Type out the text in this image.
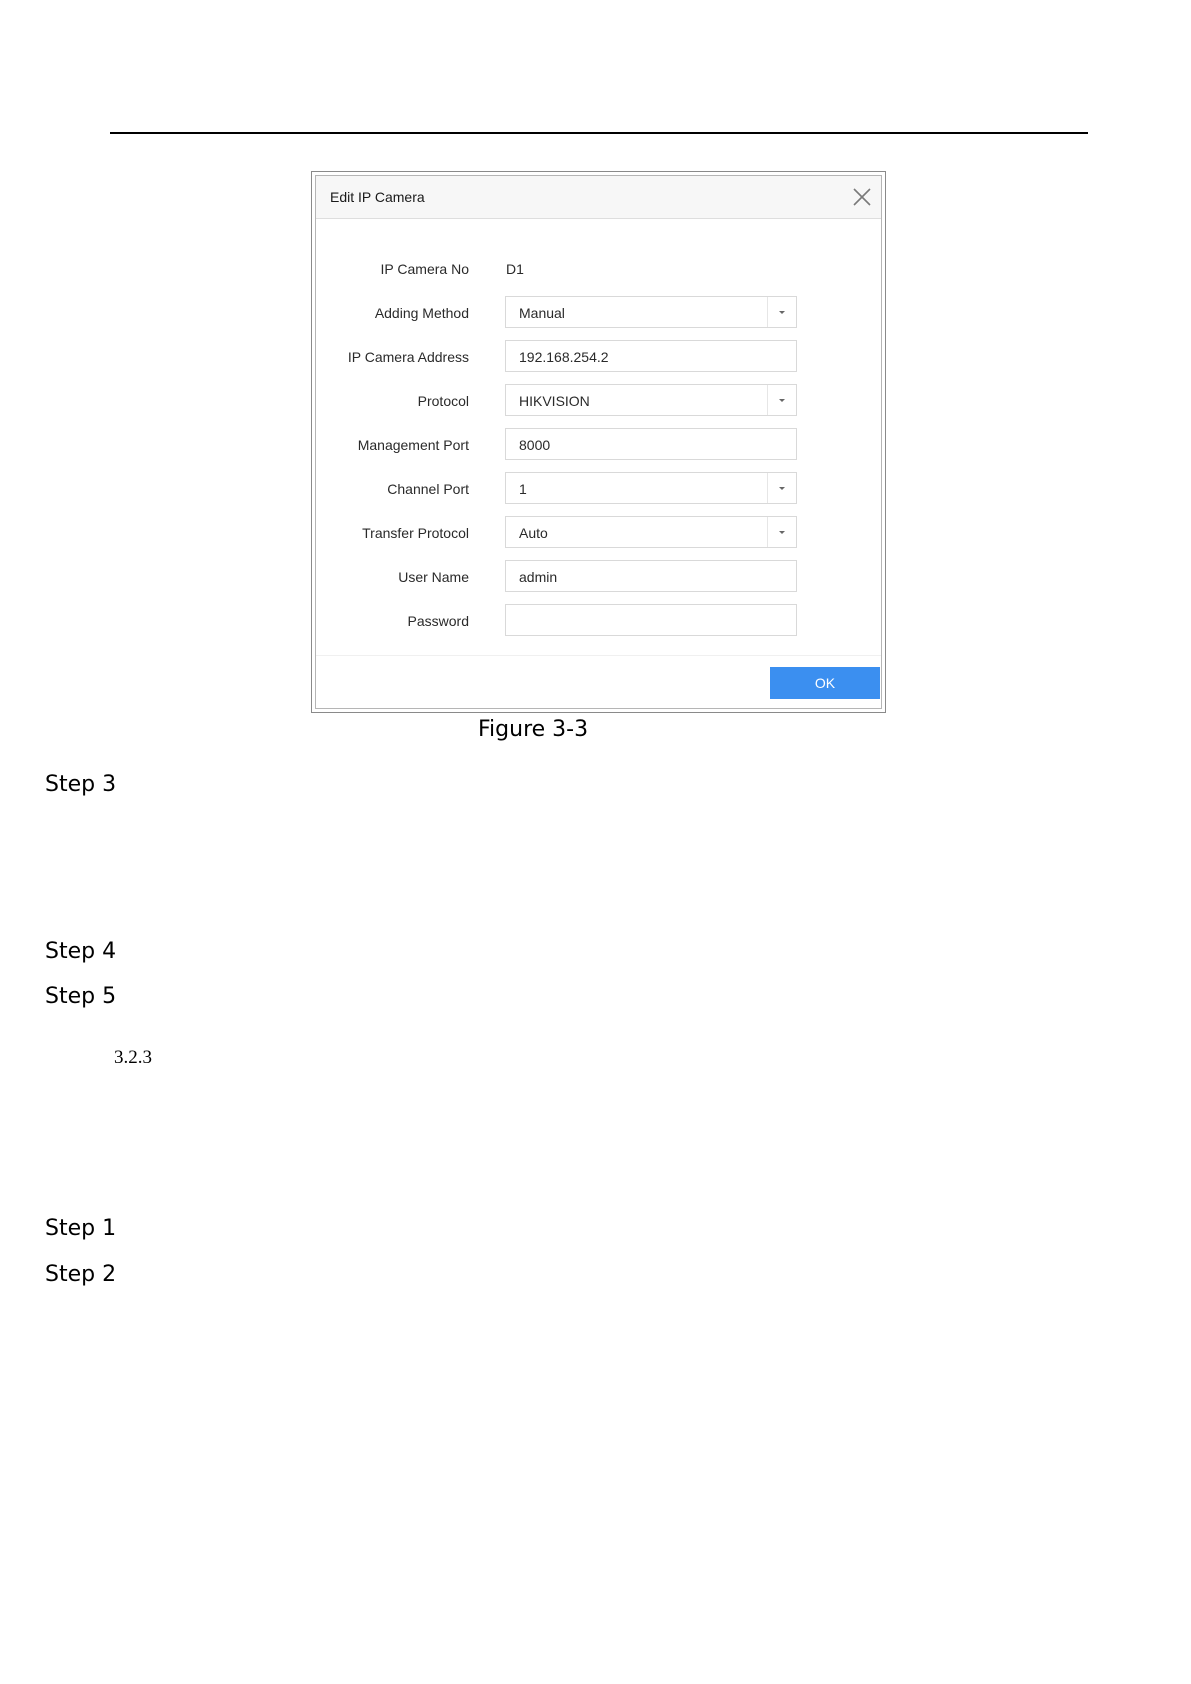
Edit IP Camera
IP Camera No	D1
Adding Method	Manual
IP Camera Address	192.168.254.2
Protocol	HIKVISION
Management Port	8000
Channel Port	1
Transfer Protocol	Auto
User Name	admin
Password
OK
Figure 3-3
Step 3
Step 4
Step 5
3.2.3
Step 1
Step 2
